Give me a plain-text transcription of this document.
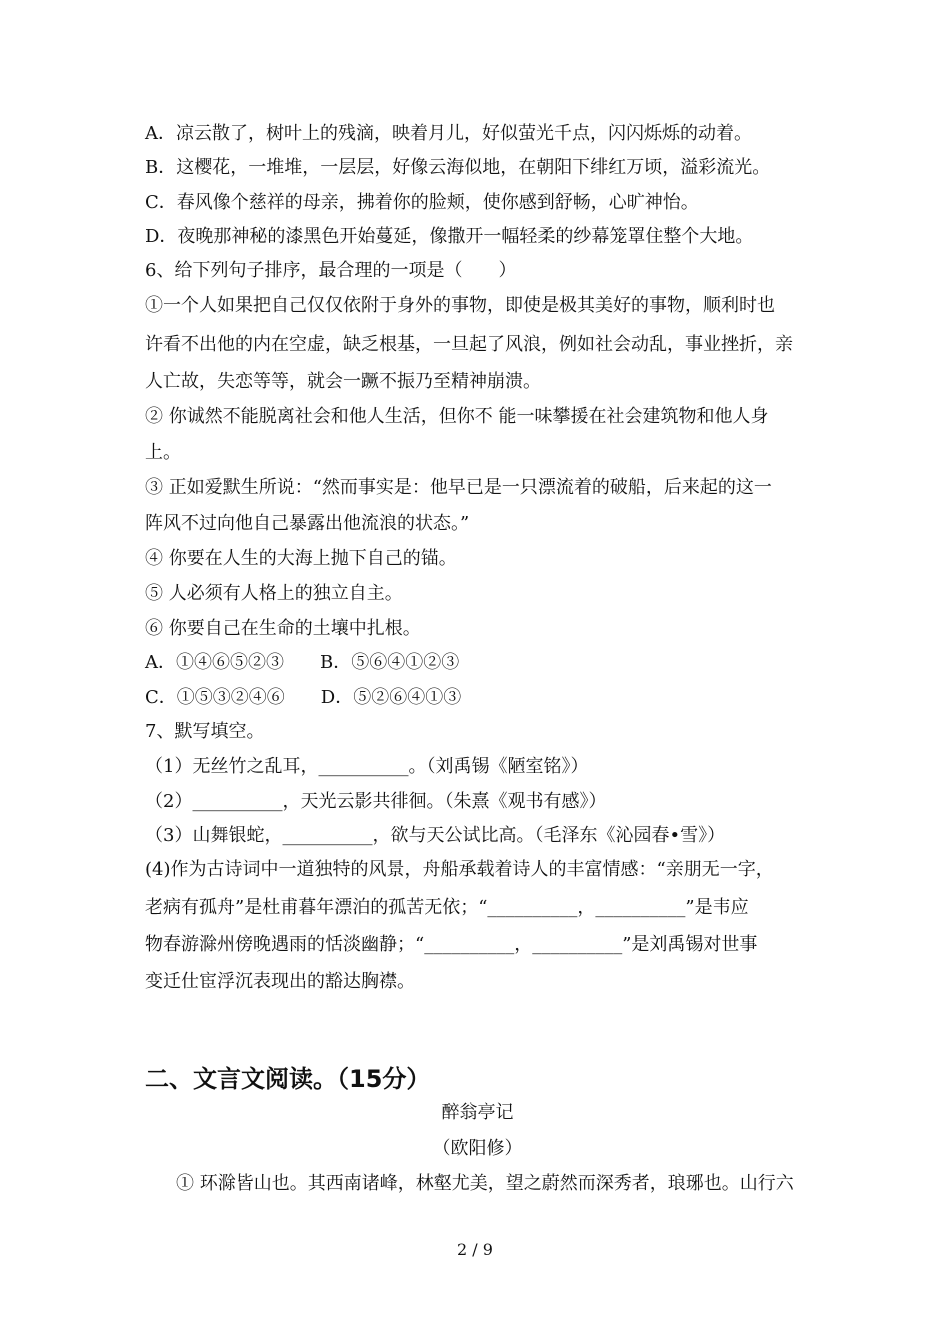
A．凉云散了，树叶上的残滴，映着月儿，好似萤光千点，闪闪烁烁的动着。
B．这樱花，一堆堆，一层层，好像云海似地，在朝阳下绯红万顷，溢彩流光。
C．春风像个慈祥的母亲，拂着你的脸颊，使你感到舒畅，心旷神怡。
D．夜晚那神秘的漆黑色开始蔓延，像撒开一幅轻柔的纱幕笼罩住整个大地。
6、给下列句子排序，最合理的一项是（　　）
①一个人如果把自己仅仅依附于身外的事物，即使是极其美好的事物，顺利时也
许看不出他的内在空虚，缺乏根基，一旦起了风浪，例如社会动乱，事业挫折，亲
人亡故，失恋等等，就会一蹶不振乃至精神崩溃。
② 你诚然不能脱离社会和他人生活，但你不 能一味攀援在社会建筑物和他人身
上。
③ 正如爱默生所说：“然而事实是：他早已是一只漂流着的破船，后来起的这一
阵风不过向他自己暴露出他流浪的状态。”
④ 你要在人生的大海上抛下自己的锚。
⑤ 人必须有人格上的独立自主。
⑥ 你要自己在生命的土壤中扎根。
A．①④⑥⑤②③　　B．⑤⑥④①②③
C．①⑤③②④⑥　　D．⑤②⑥④①③
7、默写填空。
（1）无丝竹之乱耳，__________。（刘禹锡《陋室铭》）
（2）__________，天光云影共徘徊。（朱熹《观书有感》）
（3）山舞银蛇，__________，欲与天公试比高。（毛泽东《沁园春•雪》）
(4)作为古诗词中一道独特的风景，舟船承载着诗人的丰富情感：“亲朋无一字，
老病有孤舟”是杜甫暮年漂泊的孤苦无依；“__________，__________”是韦应
物春游滁州傍晚遇雨的恬淡幽静；“__________，__________”是刘禹锡对世事
变迁仕宦浮沉表现出的豁达胸襟。
二、文言文阅读。（15分）
醉翁亭记
（欧阳修）
① 环滁皆山也。其西南诸峰，林壑尤美，望之蔚然而深秀者，琅琊也。山行六
2 / 9
